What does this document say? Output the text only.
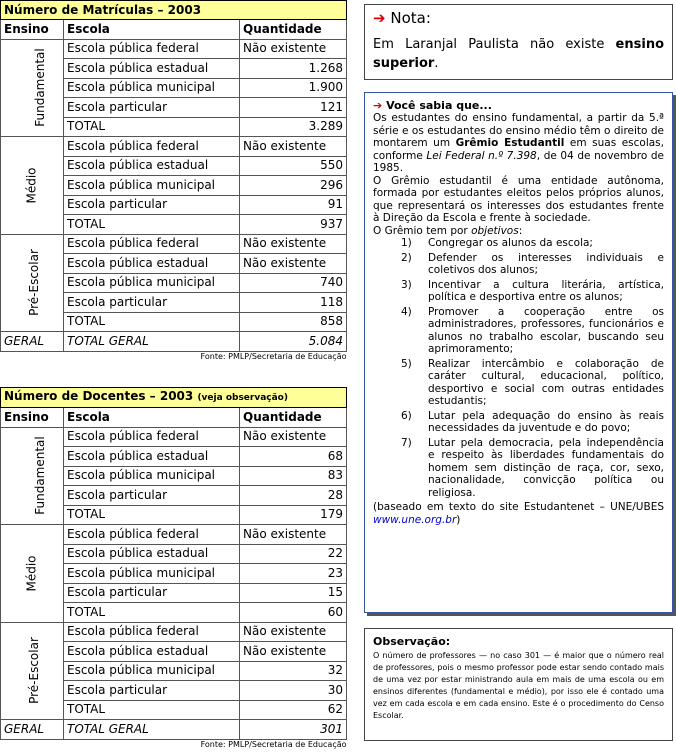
Número de Matrículas – 2003		
Ensino	Escola	Quantidade
Fundamental	Escola pública federal	Não existente
	Escola pública estadual	1.268
	Escola pública municipal	1.900
	Escola particular	121
	TOTAL	3.289
Médio	Escola pública federal	Não existente
	Escola pública estadual	550
	Escola pública municipal	296
	Escola particular	91
	TOTAL	937
Pré-Escolar	Escola pública federal	Não existente
	Escola pública estadual	Não existente
	Escola pública municipal	740
	Escola particular	118
	TOTAL	858
GERAL	TOTAL GERAL	5.084
Fonte: PMLP/Secretaria de Educação		
Número de Docentes – 2003 (veja observação)		
Ensino	Escola	Quantidade
Fundamental	Escola pública federal	Não existente
	Escola pública estadual	68
	Escola pública municipal	83
	Escola particular	28
	TOTAL	179
Médio	Escola pública federal	Não existente
	Escola pública estadual	22
	Escola pública municipal	23
	Escola particular	15
	TOTAL	60
Pré-Escolar	Escola pública federal	Não existente
	Escola pública estadual	Não existente
	Escola pública municipal	32
	Escola particular	30
	TOTAL	62
GERAL	TOTAL GERAL	301
Fonte: PMLP/Secretaria de Educação		
➔ Nota:
Em Laranjal Paulista não existe ensino superior.
➔ Você sabia que...

Os estudantes do ensino fundamental, a partir da 5.ª série e os estudantes do ensino médio têm o direito de montarem um Grêmio Estudantil em suas escolas, conforme Lei Federal n.º 7.398, de 04 de novembro de 1985.

O Grêmio estudantil é uma entidade autônoma, formada por estudantes eleitos pelos próprios alunos, que representará os interesses dos estudantes frente à Direção da Escola e frente à sociedade.

O Grêmio tem por objetivos:

1) Congregar os alunos da escola;
2) Defender os interesses individuais e coletivos dos alunos;
3) Incentivar a cultura literária, artística, política e desportiva entre os alunos;
4) Promover a cooperação entre os administradores, professores, funcionários e alunos no trabalho escolar, buscando seu aprimoramento;
5) Realizar intercâmbio e colaboração de caráter cultural, educacional, político, desportivo e social com outras entidades estudantis;
6) Lutar pela adequação do ensino às reais necessidades da juventude e do povo;
7) Lutar pela democracia, pela independência e respeito às liberdades fundamentais do homem sem distinção de raça, cor, sexo, nacionalidade, convicção política ou religiosa.

(baseado em texto do site Estudantenet – UNE/UBES www.une.org.br)

Observação:

O número de professores — no caso 301 — é maior que o número real de professores, pois o mesmo professor pode estar sendo contado mais de uma vez por estar ministrando aula em mais de uma escola ou em ensinos diferentes (fundamental e médio), por isso ele é contado uma vez em cada escola e em cada ensino. Este é o procedimento do Censo Escolar.
